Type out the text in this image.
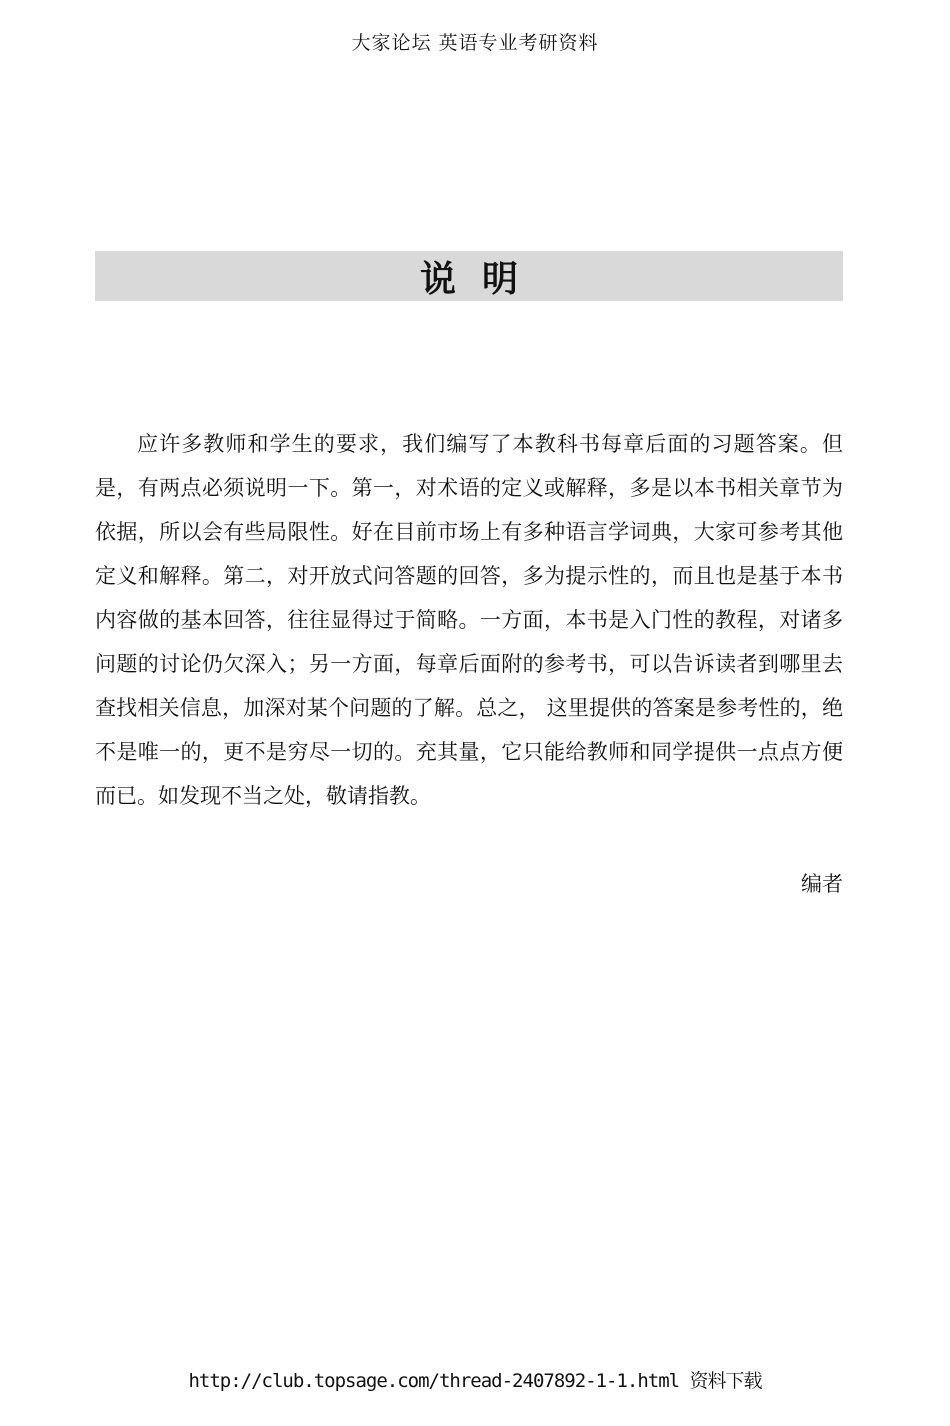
大家论坛 英语专业考研资料
说明

应许多教师和学生的要求，我们编写了本教科书每章后面的习题答案。但是，有两点必须说明一下。第一，对术语的定义或解释，多是以本书相关章节为依据，所以会有些局限性。好在目前市场上有多种语言学词典，大家可参考其他定义和解释。第二，对开放式问答题的回答，多为提示性的，而且也是基于本书内容做的基本回答，往往显得过于简略。一方面，本书是入门性的教程，对诸多问题的讨论仍欠深入；另一方面，每章后面附的参考书，可以告诉读者到哪里去查找相关信息，加深对某个问题的了解。总之， 这里提供的答案是参考性的，绝不是唯一的，更不是穷尽一切的。充其量，它只能给教师和同学提供一点点方便而已。如发现不当之处，敬请指教。

编者
http://club.topsage.com/thread-2407892-1-1.html 资料下载
